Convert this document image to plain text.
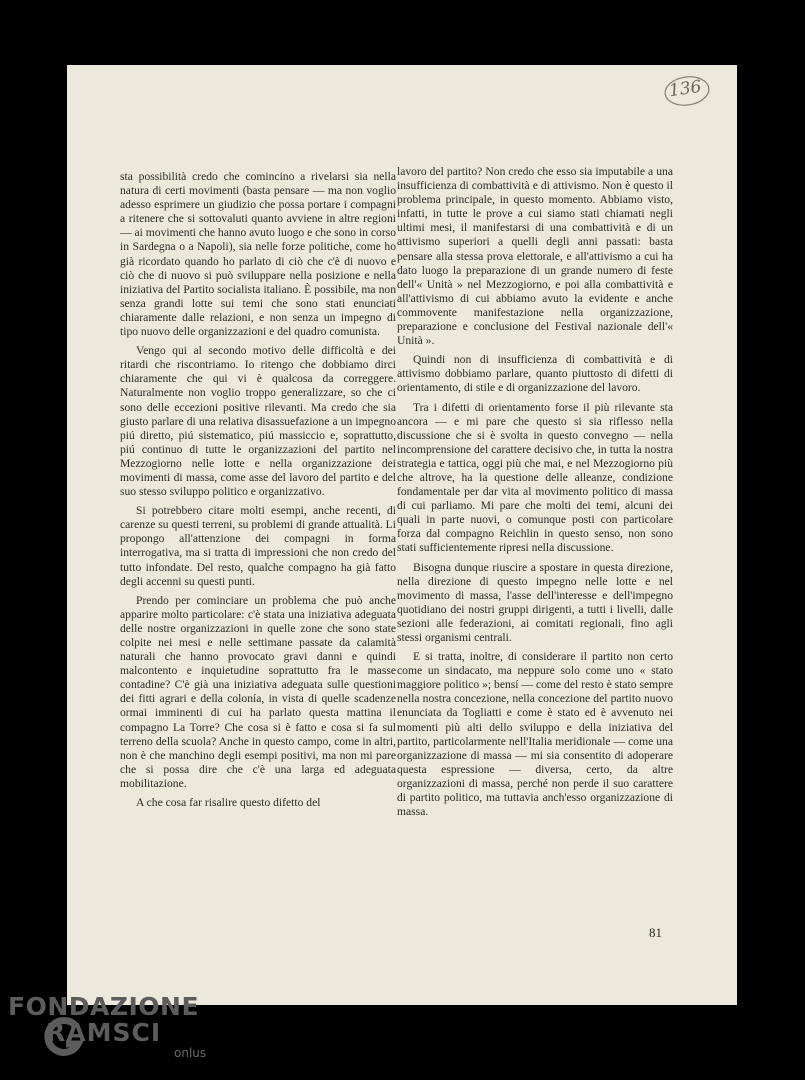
136

sta possibilità credo che comincino a rivelarsi sia nella natura di certi movimenti (basta pensare — ma non voglio adesso esprimere un giudizio che possa portare i compagni a ritenere che si sottovaluti quanto avviene in altre regioni — ai movimenti che hanno avuto luogo e che sono in corso in Sardegna o a Napoli), sia nelle forze politiche, come ho già ricordato quando ho parlato di ciò che c'è di nuovo e ciò che di nuovo si può sviluppare nella posizione e nella iniziativa del Partito socialista italiano. È possibile, ma non senza grandi lotte sui temi che sono stati enunciati chiaramente dalle relazioni, e non senza un impegno di tipo nuovo delle organizzazioni e del quadro comunista.

Vengo qui al secondo motivo delle difficoltà e dei ritardi che riscontriamo. Io ritengo che dobbiamo dirci chiaramente che qui vi è qualcosa da correggere. Naturalmente non voglio troppo generalizzare, so che ci sono delle eccezioni positive rilevanti. Ma credo che sia giusto parlare di una relativa disassuefazione a un impegno piú diretto, piú sistematico, piú massiccio e, soprattutto, piú continuo di tutte le organizzazioni del partito nel Mezzogiorno nelle lotte e nella organizzazione dei movimenti di massa, come asse del lavoro del partito e del suo stesso sviluppo politico e organizzativo.

Si potrebbero citare molti esempi, anche recenti, di carenze su questi terreni, su problemi di grande attualità. Li propongo all'attenzione dei compagni in forma interrogativa, ma si tratta di impressioni che non credo del tutto infondate. Del resto, qualche compagno ha già fatto degli accenni su questi punti.

Prendo per cominciare un problema che può anche apparire molto particolare: c'è stata una iniziativa adeguata delle nostre organizzazioni in quelle zone che sono state colpite nei mesi e nelle settimane passate da calamità naturali che hanno provocato gravi danni e quindi malcontento e inquietudine soprattutto fra le masse contadine? C'è già una iniziativa adeguata sulle questioni dei fitti agrari e della colonía, in vista di quelle scadenze ormai imminenti di cui ha parlato questa mattina il compagno La Torre? Che cosa si è fatto e cosa si fa sul terreno della scuola? Anche in questo campo, come in altri, non è che manchino degli esempi positivi, ma non mi pare che si possa dire che c'è una larga ed adeguata mobilitazione.

A che cosa far risalire questo difetto del

lavoro del partito? Non credo che esso sia imputabile a una insufficienza di combattività e di attivismo. Non è questo il problema principale, in questo momento. Abbiamo visto, infatti, in tutte le prove a cui siamo stati chiamati negli ultimi mesi, il manifestarsi di una combattività e di un attivismo superiori a quelli degli anni passati: basta pensare alla stessa prova elettorale, e all'attivismo a cui ha dato luogo la preparazione di un grande numero di feste dell'« Unità » nel Mezzogiorno, e poi alla combattività e all'attivismo di cui abbiamo avuto la evidente e anche commovente manifestazione nella organizzazione, preparazione e conclusione del Festival nazionale dell'« Unità ».

Quindi non di insufficienza di combattività e di attivismo dobbiamo parlare, quanto piuttosto di difetti di orientamento, di stile e di organizzazione del lavoro.

Tra i difetti di orientamento forse il più rilevante sta ancora — e mi pare che questo si sia riflesso nella discussione che si è svolta in questo convegno — nella incomprensione del carattere decisivo che, in tutta la nostra strategia e tattica, oggi più che mai, e nel Mezzogiorno più che altrove, ha la questione delle alleanze, condizione fondamentale per dar vita al movimento politico di massa di cui parliamo. Mi pare che molti dei temi, alcuni dei quali in parte nuovi, o comunque posti con particolare forza dal compagno Reichlin in questo senso, non sono stati sufficientemente ripresi nella discussione.

Bisogna dunque riuscire a spostare in questa direzione, nella direzione di questo impegno nelle lotte e nel movimento di massa, l'asse dell'interesse e dell'impegno quotidiano dei nostri gruppi dirigenti, a tutti i livelli, dalle sezioni alle federazioni, ai comitati regionali, fino agli stessi organismi centrali.

E si tratta, inoltre, di considerare il partito non certo come un sindacato, ma neppure solo come uno « stato maggiore politico »; bensí — come del resto è stato sempre nella nostra concezione, nella concezione del partito nuovo enunciata da Togliatti e come è stato ed è avvenuto nei momenti più alti dello sviluppo e della iniziativa del partito, particolarmente nell'Italia meridionale — come una organizzazione di massa — mi sia consentito di adoperare questa espressione — diversa, certo, da altre organizzazioni di massa, perché non perde il suo carattere di partito politico, ma tuttavia anch'esso organizzazione di massa.

81
FONDAZIONE
RAMSCI
onlus
